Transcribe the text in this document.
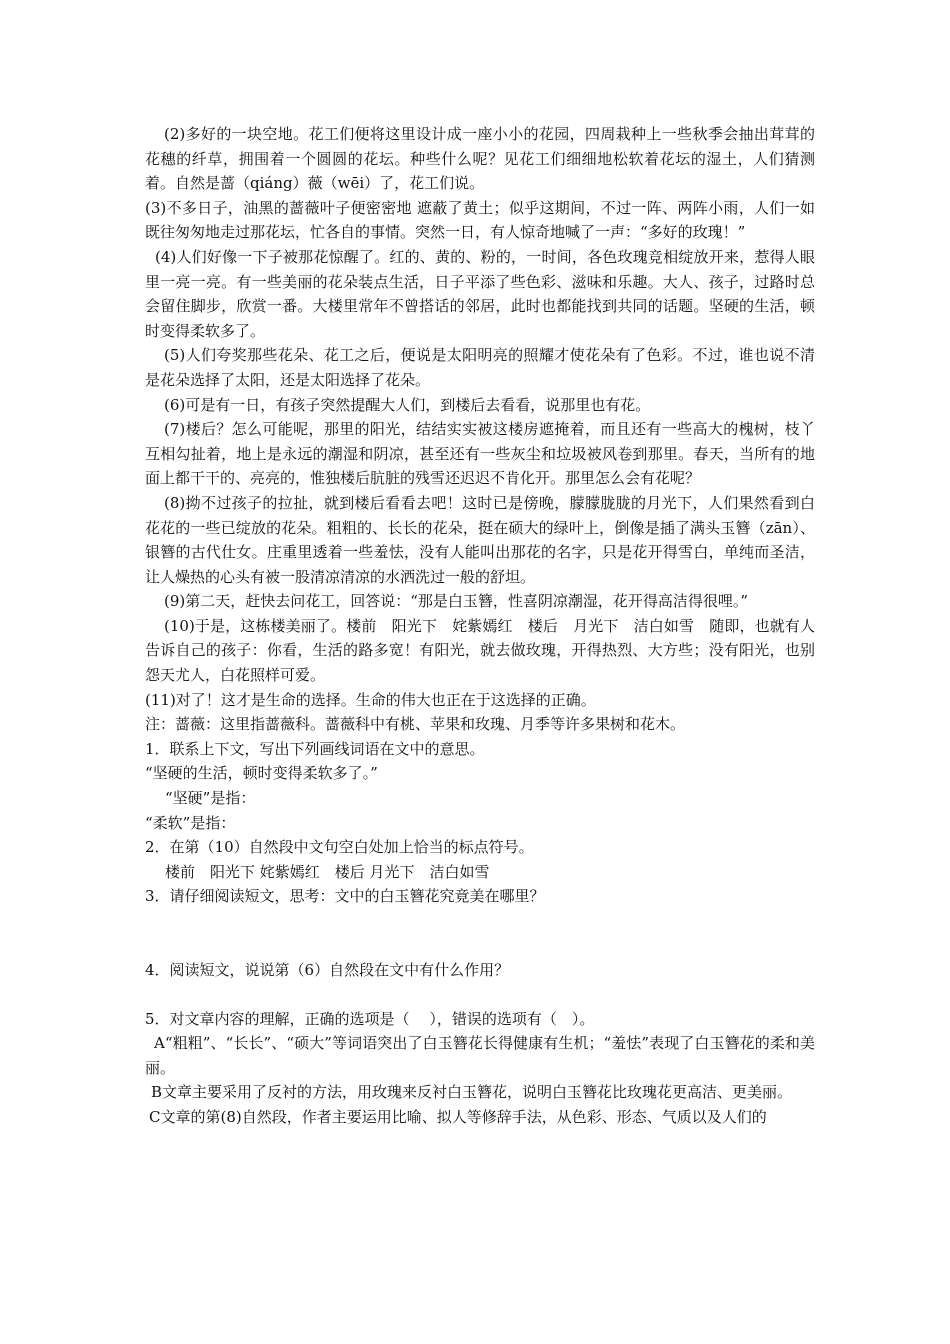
(2)多好的一块空地。花工们便将这里设计成一座小小的花园，四周栽种上一些秋季会抽出茸茸的花穗的纤草，拥围着一个圆圆的花坛。种些什么呢？见花工们细细地松软着花坛的湿土，人们猜测着。自然是蔷（qiáng）薇（wēi）了，花工们说。

(3)不多日子，油黑的蔷薇叶子便密密地 遮蔽了黄土；似乎这期间，不过一阵、两阵小雨，人们一如既往匆匆地走过那花坛，忙各自的事情。突然一日，有人惊奇地喊了一声：“多好的玫瑰！”

(4)人们好像一下子被那花惊醒了。红的、黄的、粉的，一时间，各色玫瑰竞相绽放开来，惹得人眼里一亮一亮。有一些美丽的花朵装点生活，日子平添了些色彩、滋味和乐趣。大人、孩子，过路时总会留住脚步，欣赏一番。大楼里常年不曾搭话的邻居，此时也都能找到共同的话题。坚硬的生活，顿时变得柔软多了。

(5)人们夸奖那些花朵、花工之后，便说是太阳明亮的照耀才使花朵有了色彩。不过，谁也说不清是花朵选择了太阳，还是太阳选择了花朵。

(6)可是有一日，有孩子突然提醒大人们，到楼后去看看，说那里也有花。

(7)楼后？怎么可能呢，那里的阳光，结结实实被这楼房遮掩着，而且还有一些高大的槐树，枝丫互相勾扯着，地上是永远的潮湿和阴凉，甚至还有一些灰尘和垃圾被风卷到那里。春天，当所有的地面上都干干的、亮亮的，惟独楼后肮脏的残雪还迟迟不肯化开。那里怎么会有花呢？

(8)拗不过孩子的拉扯，就到楼后看看去吧！这时已是傍晚，朦朦胧胧的月光下，人们果然看到白花花的一些已绽放的花朵。粗粗的、长长的花朵，挺在硕大的绿叶上，倒像是插了满头玉簪（zān）、银簪的古代仕女。庄重里透着一些羞怯，没有人能叫出那花的名字，只是花开得雪白，单纯而圣洁，让人燥热的心头有被一股清凉清凉的水洒洗过一般的舒坦。

(9)第二天，赶快去问花工，回答说：“那是白玉簪，性喜阴凉潮湿，花开得高洁得很哩。”

(10)于是，这栋楼美丽了。楼前　阳光下　姹紫嫣红　楼后　月光下　洁白如雪　随即，也就有人告诉自己的孩子：你看，生活的路多宽！有阳光，就去做玫瑰，开得热烈、大方些；没有阳光，也别怨天尤人，白花照样可爱。

(11)对了！这才是生命的选择。生命的伟大也正在于这选择的正确。

注：蔷薇：这里指蔷薇科。蔷薇科中有桃、苹果和玫瑰、月季等许多果树和花木。

1．联系上下文，写出下列画线词语在文中的意思。

“坚硬的生活，顿时变得柔软多了。”

“坚硬”是指：

“柔软”是指：

2．在第（10）自然段中文句空白处加上恰当的标点符号。

楼前　阳光下 姹紫嫣红　楼后 月光下　洁白如雪

3．请仔细阅读短文，思考：文中的白玉簪花究竟美在哪里？

4．阅读短文，说说第（6）自然段在文中有什么作用？

5．对文章内容的理解，正确的选项是（　 ），错误的选项有（　）。

A“粗粗”、“长长”、“硕大”等词语突出了白玉簪花长得健康有生机；“羞怯”表现了白玉簪花的柔和美丽。

B文章主要采用了反衬的方法，用玫瑰来反衬白玉簪花，说明白玉簪花比玫瑰花更高洁、更美丽。

C文章的第(8)自然段，作者主要运用比喻、拟人等修辞手法，从色彩、形态、气质以及人们的
